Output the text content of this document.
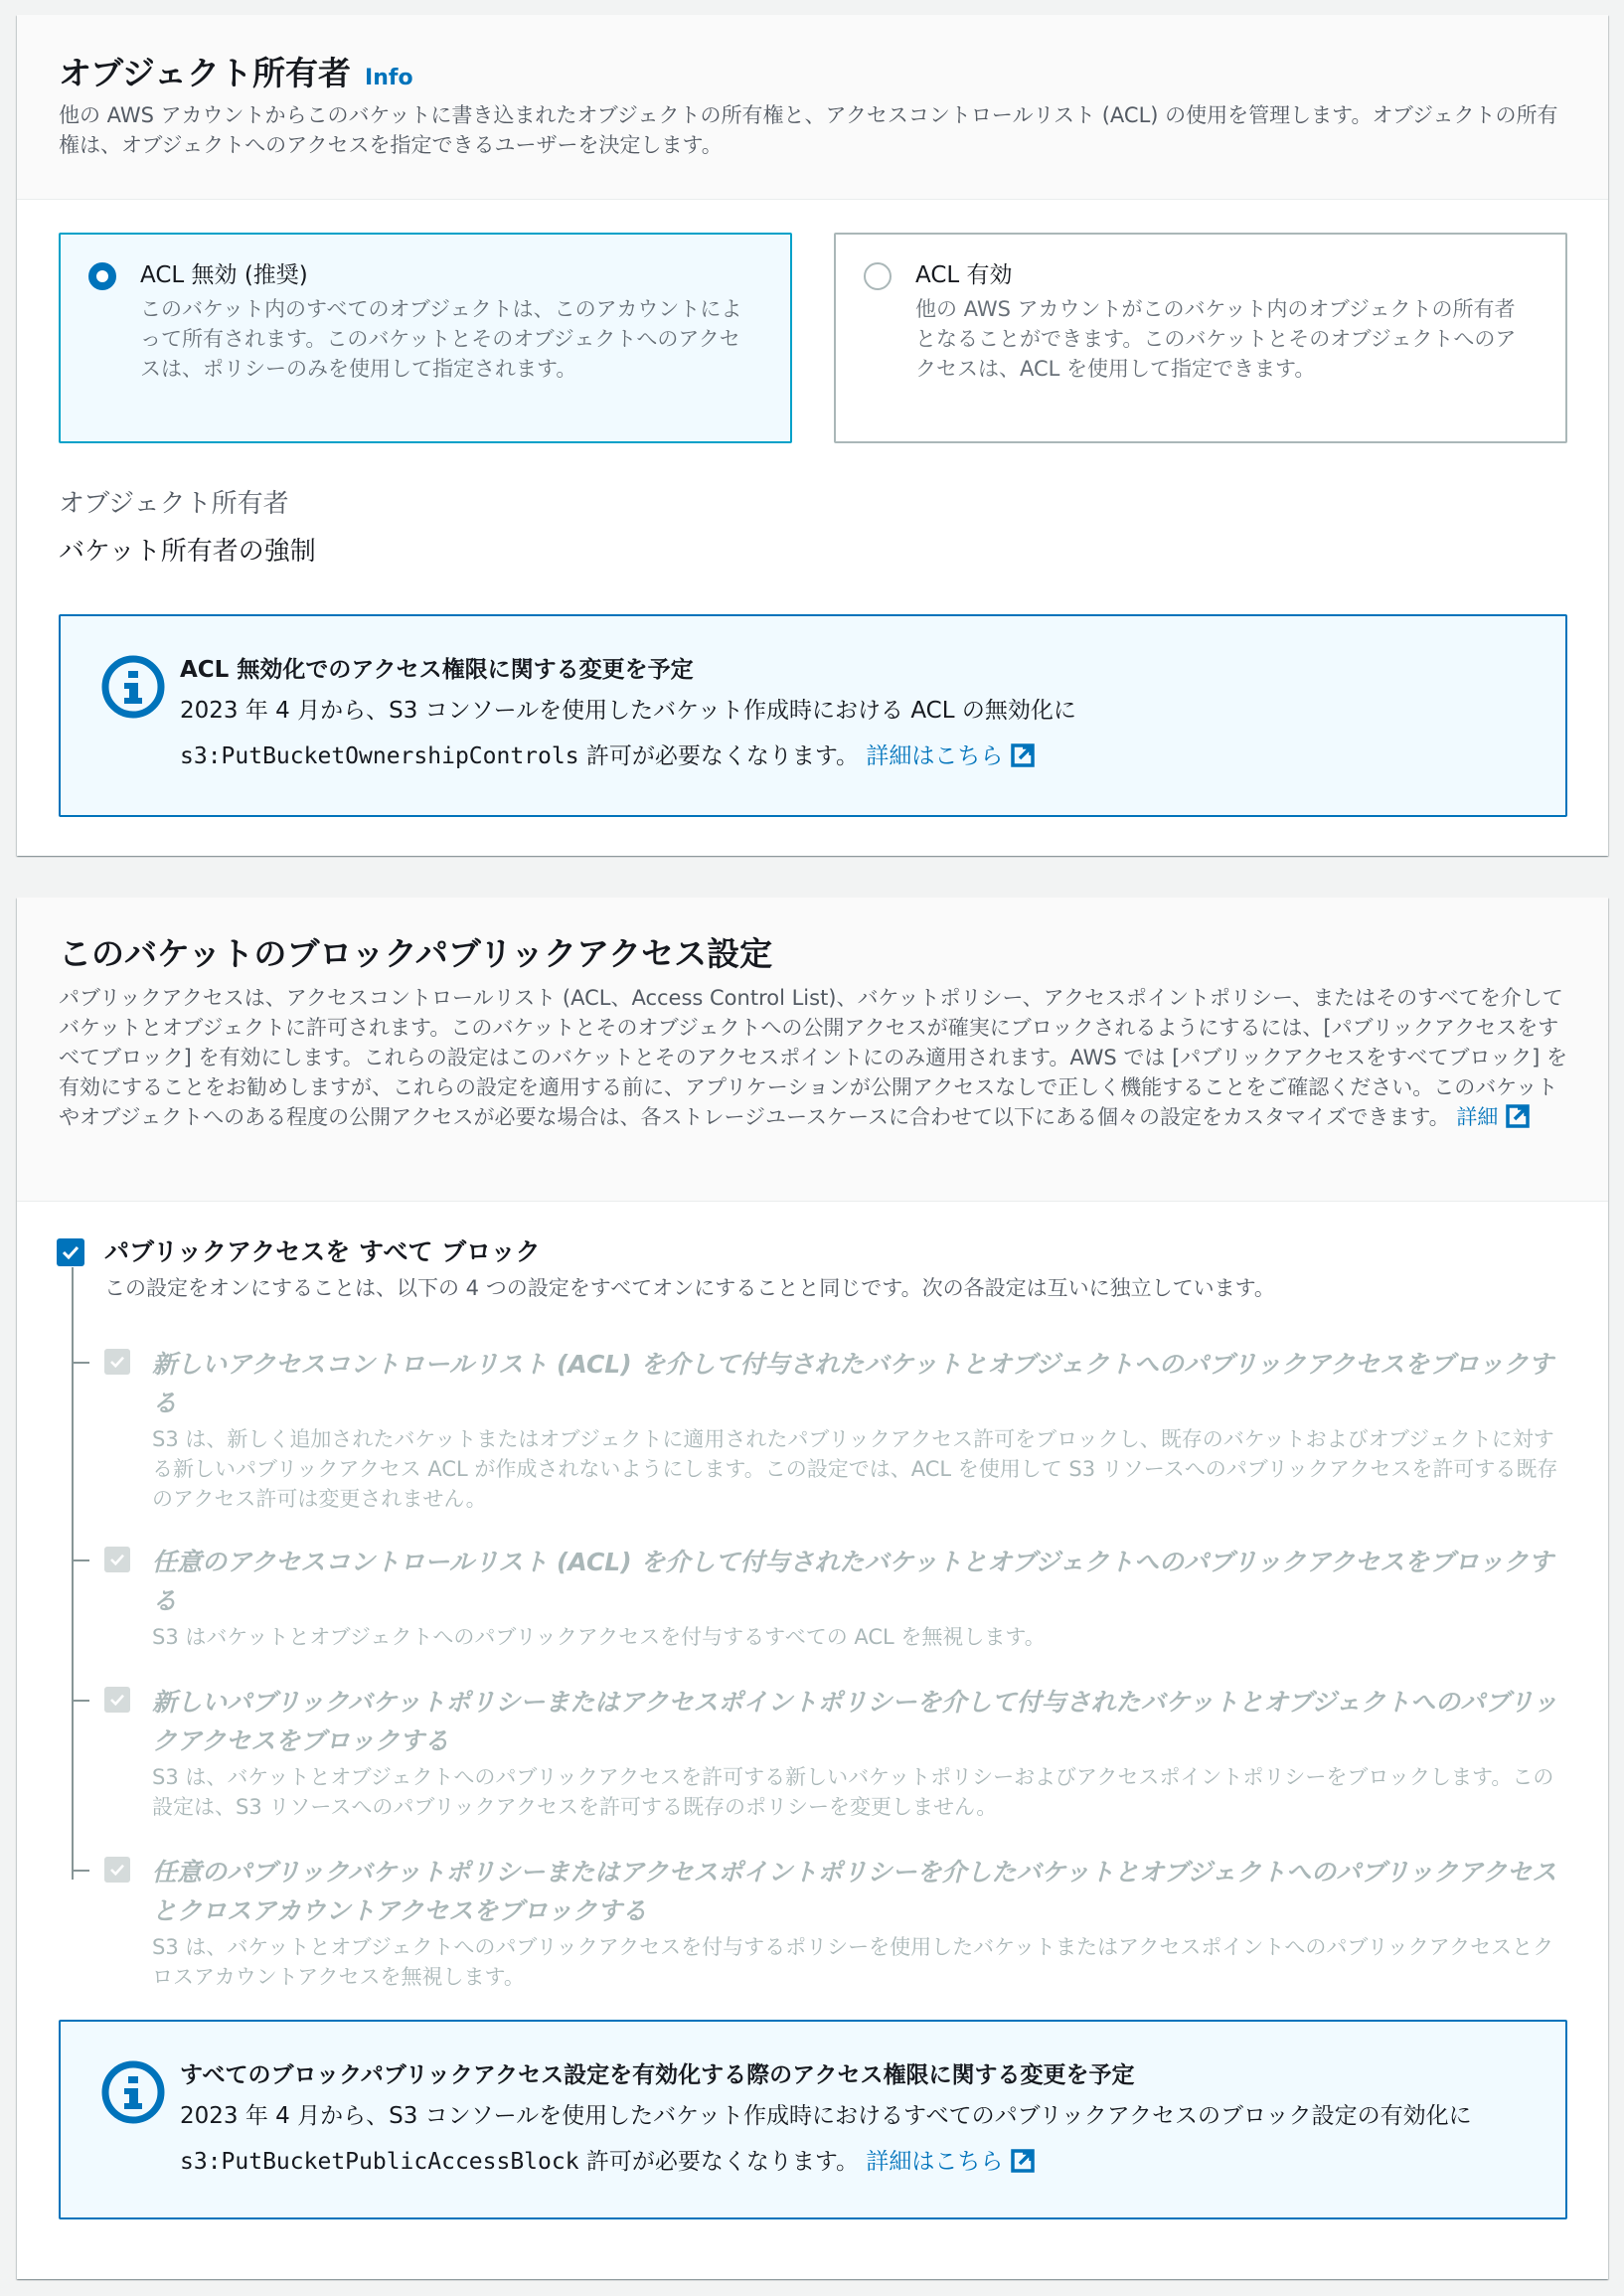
オブジェクト所有者 Info
他の AWS アカウントからこのバケットに書き込まれたオブジェクトの所有権と、アクセスコントロールリスト (ACL) の使用を管理します。オブジェクトの所有権は、オブジェクトへのアクセスを指定できるユーザーを決定します。
ACL 無効 (推奨)
このバケット内のすべてのオブジェクトは、このアカウントによって所有されます。このバケットとそのオブジェクトへのアクセスは、ポリシーのみを使用して指定されます。
ACL 有効
他の AWS アカウントがこのバケット内のオブジェクトの所有者となることができます。このバケットとそのオブジェクトへのアクセスは、ACL を使用して指定できます。
オブジェクト所有者
バケット所有者の強制
ACL 無効化でのアクセス権限に関する変更を予定
2023 年 4 月から、S3 コンソールを使用したバケット作成時における ACL の無効化に
s3:PutBucketOwnershipControls 許可が必要なくなります。 詳細はこちら
このバケットのブロックパブリックアクセス設定
パブリックアクセスは、アクセスコントロールリスト (ACL、Access Control List)、バケットポリシー、アクセスポイントポリシー、またはそのすべてを介してバケットとオブジェクトに許可されます。このバケットとそのオブジェクトへの公開アクセスが確実にブロックされるようにするには、[パブリックアクセスをすべてブロック] を有効にします。これらの設定はこのバケットとそのアクセスポイントにのみ適用されます。AWS では [パブリックアクセスをすべてブロック] を有効にすることをお勧めしますが、これらの設定を適用する前に、アプリケーションが公開アクセスなしで正しく機能することをご確認ください。このバケットやオブジェクトへのある程度の公開アクセスが必要な場合は、各ストレージユースケースに合わせて以下にある個々の設定をカスタマイズできます。 詳細
パブリックアクセスを すべて ブロック
この設定をオンにすることは、以下の 4 つの設定をすべてオンにすることと同じです。次の各設定は互いに独立しています。
新しいアクセスコントロールリスト (ACL) を介して付与されたバケットとオブジェクトへのパブリックアクセスをブロックする
S3 は、新しく追加されたバケットまたはオブジェクトに適用されたパブリックアクセス許可をブロックし、既存のバケットおよびオブジェクトに対する新しいパブリックアクセス ACL が作成されないようにします。この設定では、ACL を使用して S3 リソースへのパブリックアクセスを許可する既存のアクセス許可は変更されません。
任意のアクセスコントロールリスト (ACL) を介して付与されたバケットとオブジェクトへのパブリックアクセスをブロックする
S3 はバケットとオブジェクトへのパブリックアクセスを付与するすべての ACL を無視します。
新しいパブリックバケットポリシーまたはアクセスポイントポリシーを介して付与されたバケットとオブジェクトへのパブリックアクセスをブロックする
S3 は、バケットとオブジェクトへのパブリックアクセスを許可する新しいバケットポリシーおよびアクセスポイントポリシーをブロックします。この設定は、S3 リソースへのパブリックアクセスを許可する既存のポリシーを変更しません。
任意のパブリックバケットポリシーまたはアクセスポイントポリシーを介したバケットとオブジェクトへのパブリックアクセスとクロスアカウントアクセスをブロックする
S3 は、バケットとオブジェクトへのパブリックアクセスを付与するポリシーを使用したバケットまたはアクセスポイントへのパブリックアクセスとクロスアカウントアクセスを無視します。
すべてのブロックパブリックアクセス設定を有効化する際のアクセス権限に関する変更を予定
2023 年 4 月から、S3 コンソールを使用したバケット作成時におけるすべてのパブリックアクセスのブロック設定の有効化に s3:PutBucketPublicAccessBlock 許可が必要なくなります。 詳細はこちら
